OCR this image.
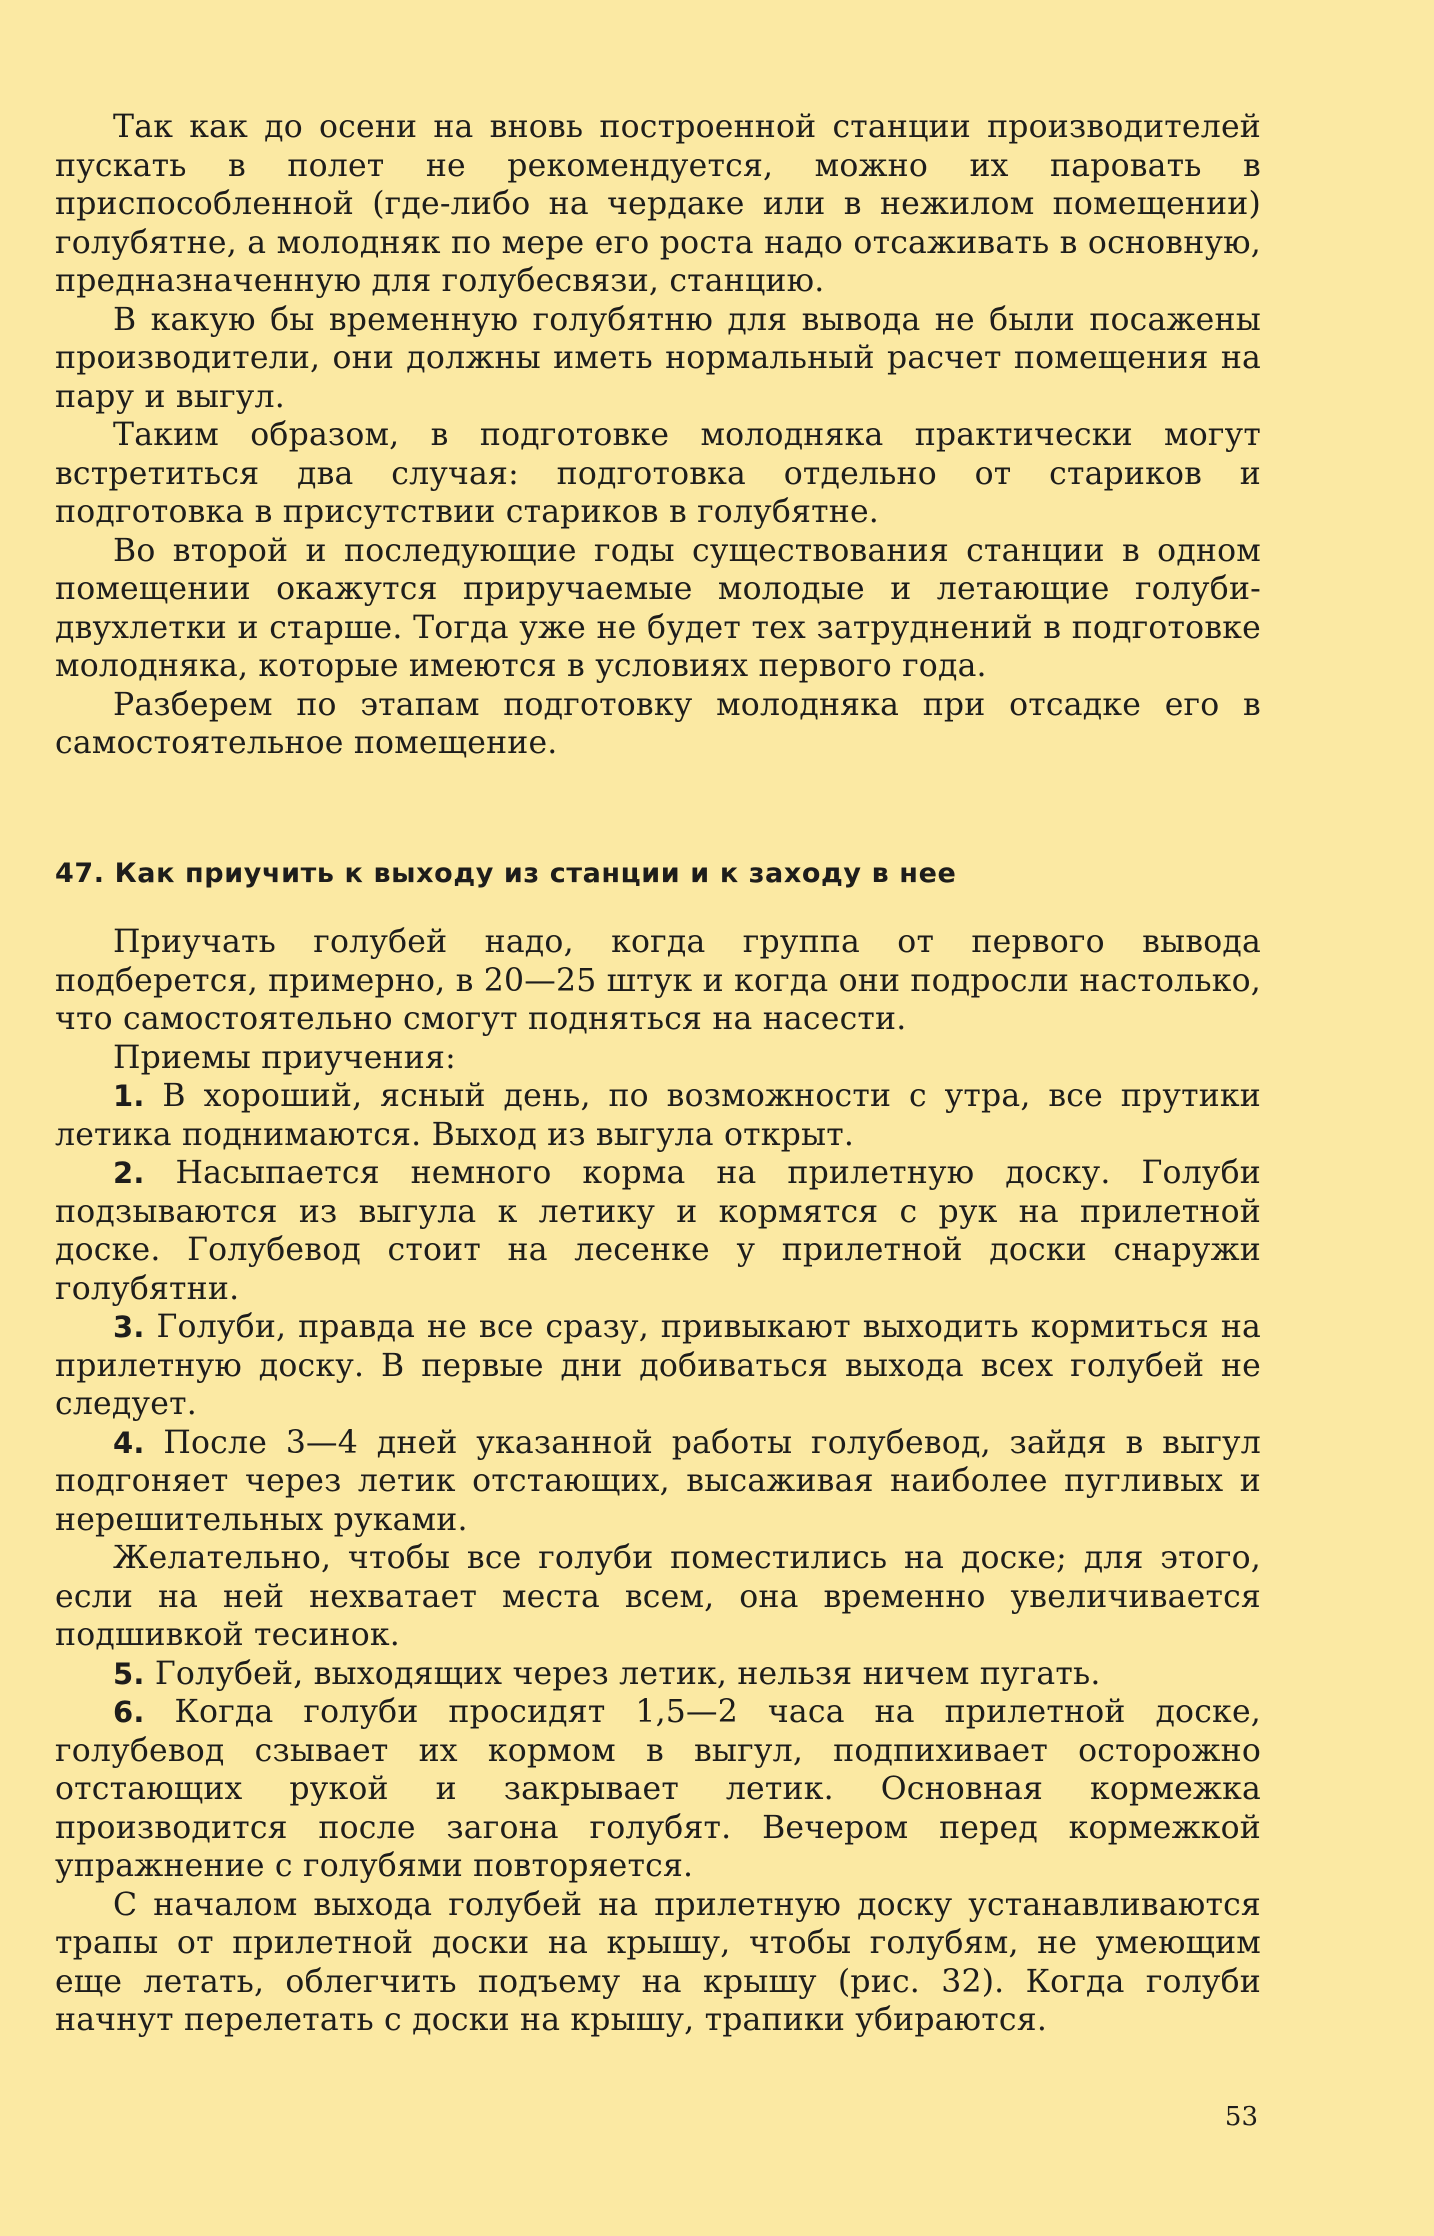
Так как до осени на вновь построенной станции производителей пускать в полет не рекомендуется, можно их паровать в приспособленной (где-либо на чердаке или в нежилом помещении) голубятне, а молодняк по мере его роста надо отсаживать в основную, предназначенную для голубесвязи, станцию.

В какую бы временную голубятню для вывода не были посажены производители, они должны иметь нормальный расчет помещения на пару и выгул.

Таким образом, в подготовке молодняка практически могут встретиться два случая: подготовка отдельно от стариков и подготовка в присутствии стариков в голубятне.

Во второй и последующие годы существования станции в одном помещении окажутся приручаемые молодые и летающие голуби-двухлетки и старше. Тогда уже не будет тех затруднений в подготовке молодняка, которые имеются в условиях первого года.

Разберем по этапам подготовку молодняка при отсадке его в самостоятельное помещение.

47. Как приучить к выходу из станции и к заходу в нее

Приучать голубей надо, когда группа от первого вывода подберется, примерно, в 20—25 штук и когда они подросли настолько, что самостоятельно смогут подняться на насести.

Приемы приучения:

1. В хороший, ясный день, по возможности с утра, все прутики летика поднимаются. Выход из выгула открыт.

2. Насыпается немного корма на прилетную доску. Голуби подзываются из выгула к летику и кормятся с рук на прилетной доске. Голубевод стоит на лесенке у прилетной доски снаружи голубятни.

3. Голуби, правда не все сразу, привыкают выходить кормиться на прилетную доску. В первые дни добиваться выхода всех голубей не следует.

4. После 3—4 дней указанной работы голубевод, зайдя в выгул подгоняет через летик отстающих, высаживая наиболее пугливых и нерешительных руками.

Желательно, чтобы все голуби поместились на доске; для этого, если на ней нехватает места всем, она временно увеличивается подшивкой тесинок.

5. Голубей, выходящих через летик, нельзя ничем пугать.

6. Когда голуби просидят 1,5—2 часа на прилетной доске, голубевод сзывает их кормом в выгул, подпихивает осторожно отстающих рукой и закрывает летик. Основная кормежка производится после загона голубят. Вечером перед кормежкой упражнение с голубями повторяется.

С началом выхода голубей на прилетную доску устанавливаются трапы от прилетной доски на крышу, чтобы голубям, не умеющим еще летать, облегчить подъему на крышу (рис. 32). Когда голуби начнут перелетать с доски на крышу, трапики убираются.

53
